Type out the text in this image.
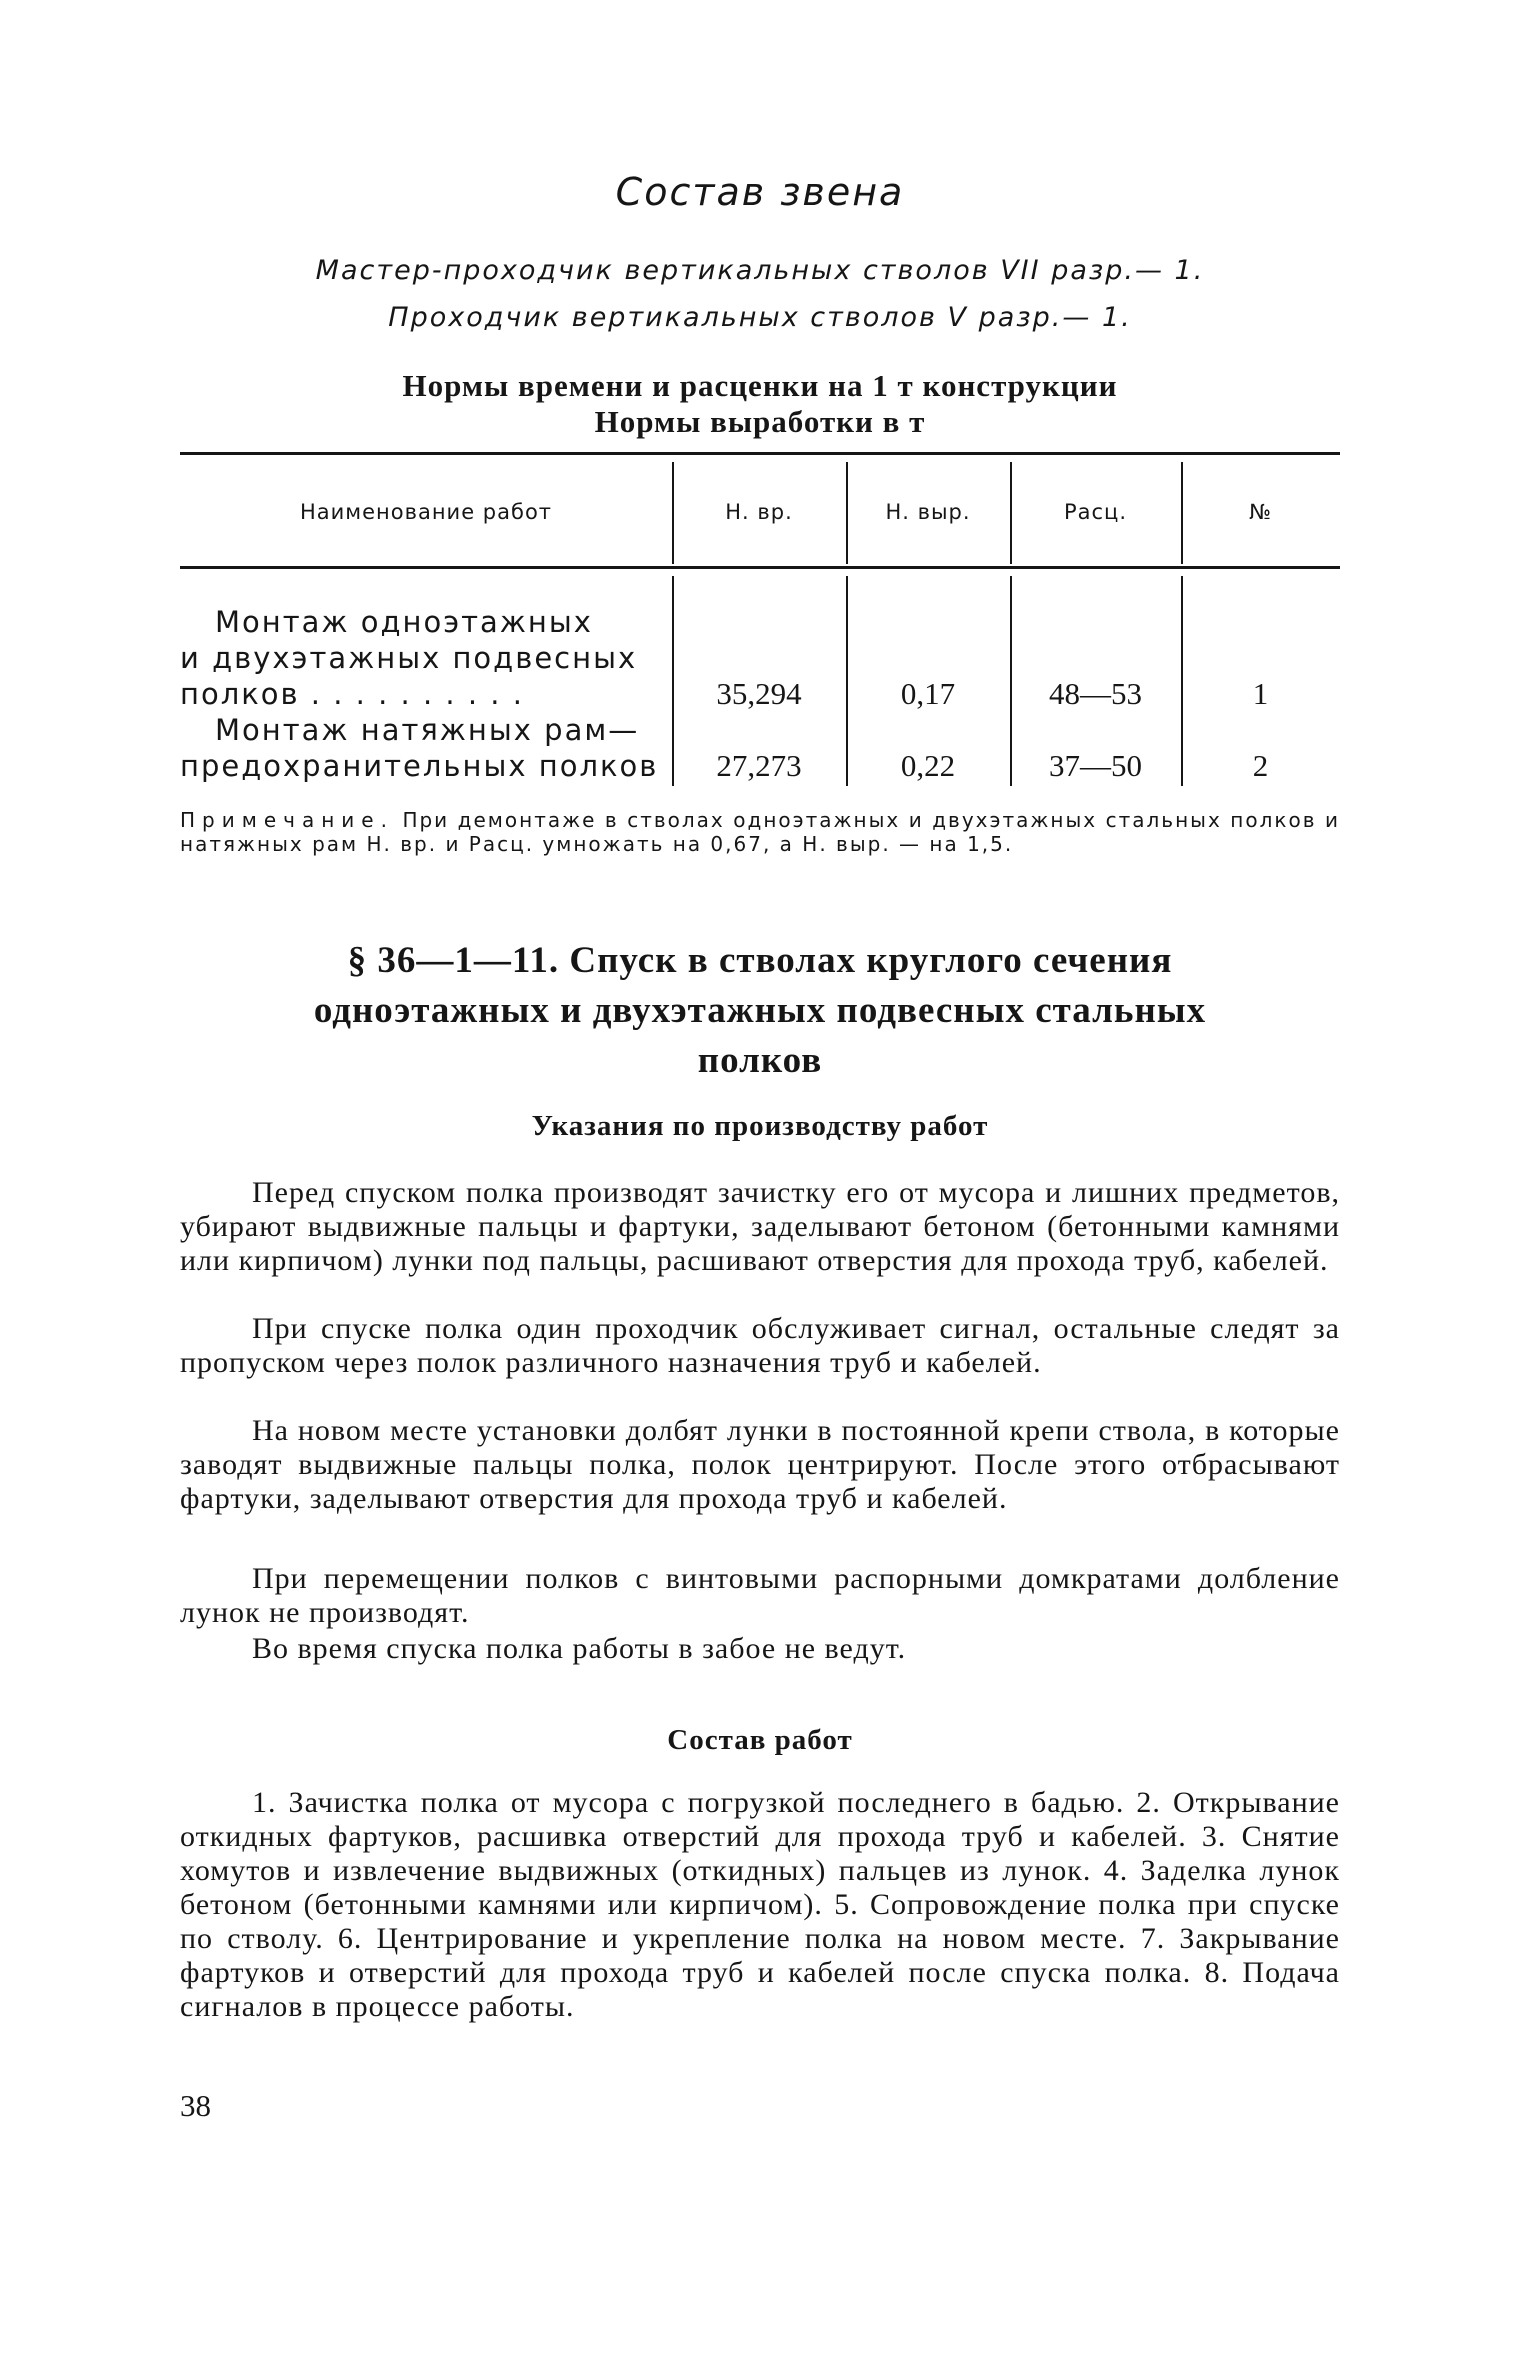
Состав звена
Мастер-проходчик вертикальных стволов VII разр.— 1.
Проходчик вертикальных стволов V разр.— 1.
Нормы времени и расценки на 1 т конструкции
Нормы выработки в т
Наименование работ	Н. вр.	Н. выр.	Расц.	№
Монтаж одноэтажных
и двухэтажных подвесных
полков . . . . . . . . . .	35,294	0,17	48—53	1
Монтаж натяжных рам—
предохранительных полков	27,273	0,22	37—50	2
Примечание. При демонтаже в стволах одноэтажных и двухэтажных стальных полков и натяжных рам Н. вр. и Расц. умножать на 0,67, а Н. выр. — на 1,5.
§ 36—1—11. Спуск в стволах круглого сечения
одноэтажных и двухэтажных подвесных стальных
полков
Указания по производству работ

Перед спуском полка производят зачистку его от мусора и лишних предметов, убирают выдвижные пальцы и фартуки, заделывают бетоном (бетонными камнями или кирпичом) лунки под пальцы, расшивают отверстия для прохода труб, кабелей.

При спуске полка один проходчик обслуживает сигнал, остальные следят за пропуском через полок различного назначения труб и кабелей.

На новом месте установки долбят лунки в постоянной крепи ствола, в которые заводят выдвижные пальцы полка, полок центрируют. После этого отбрасывают фартуки, заделывают отверстия для прохода труб и кабелей.

При перемещении полков с винтовыми распорными домкратами долбление лунок не производят.

Во время спуска полка работы в забое не ведут.

Состав работ

1. Зачистка полка от мусора с погрузкой последнего в бадью. 2. Открывание откидных фартуков, расшивка отверстий для прохода труб и кабелей. 3. Снятие хомутов и извлечение выдвижных (откидных) пальцев из лунок. 4. Заделка лунок бетоном (бетонными камнями или кирпичом). 5. Сопровождение полка при спуске по стволу. 6. Центрирование и укрепление полка на новом месте. 7. Закрывание фартуков и отверстий для прохода труб и кабелей после спуска полка. 8. Подача сигналов в процессе работы.

38
